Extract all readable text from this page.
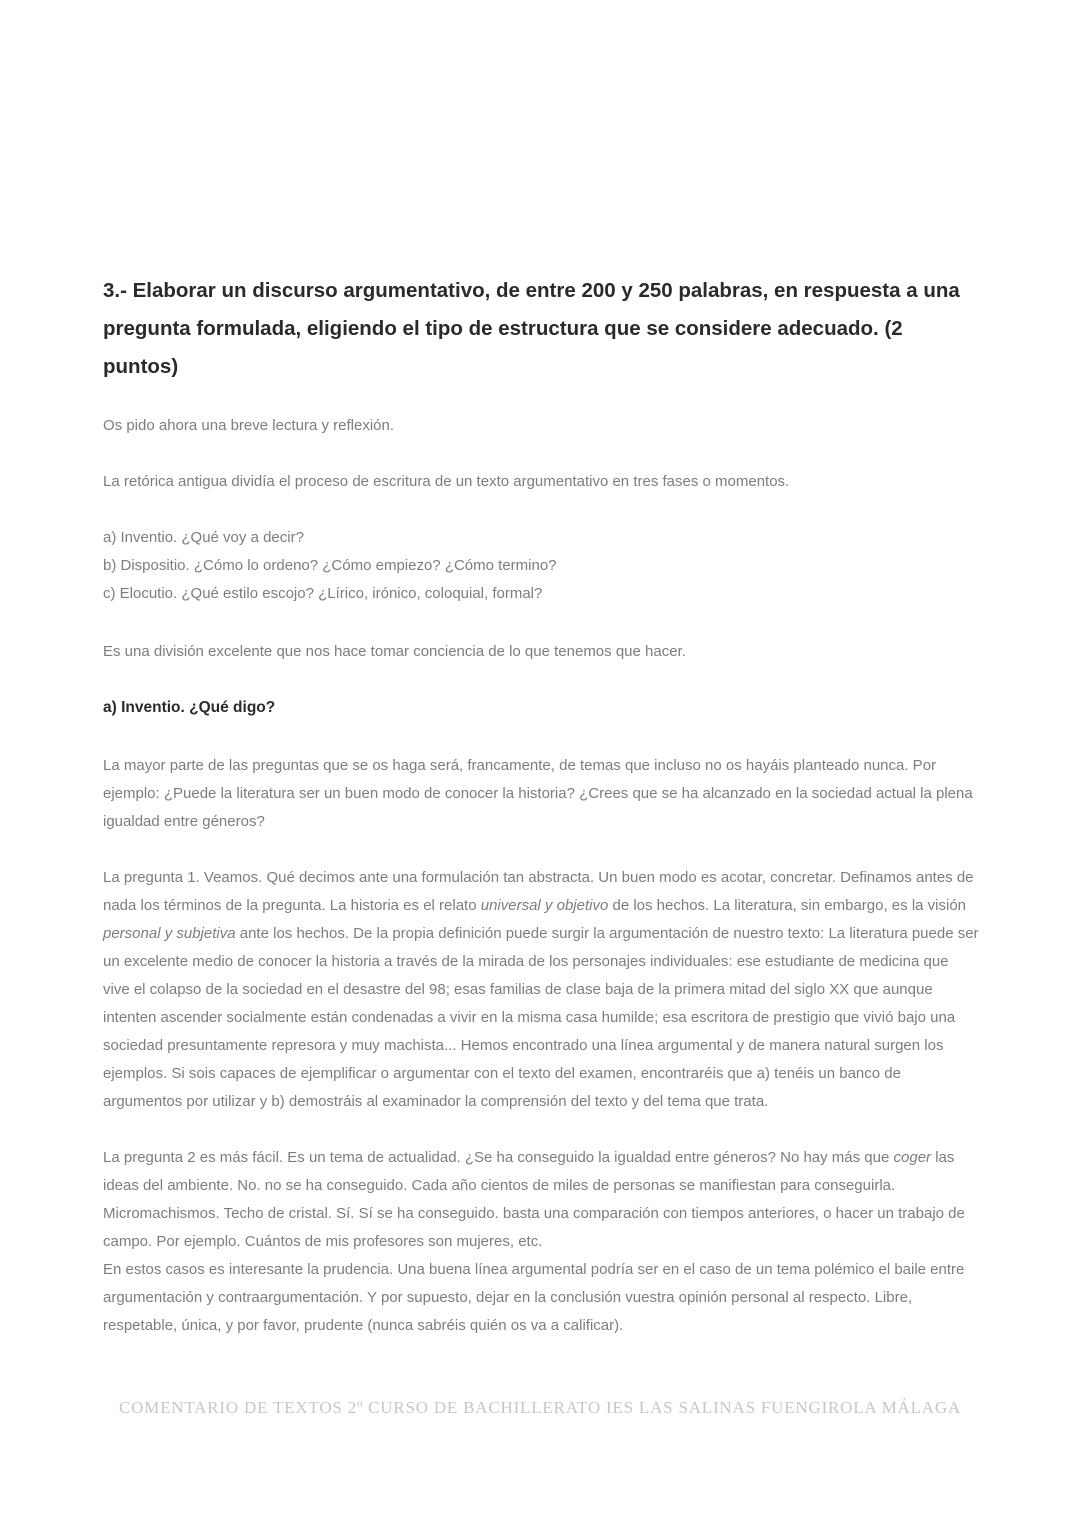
3.- Elaborar un discurso argumentativo, de entre 200 y 250 palabras, en respuesta a una pregunta formulada, eligiendo el tipo de estructura que se considere adecuado. (2 puntos)

Os pido ahora una breve lectura y reflexión.

La retórica antigua dividía el proceso de escritura de un texto argumentativo en tres fases o momentos.

a) Inventio. ¿Qué voy a decir?

b) Dispositio. ¿Cómo lo ordeno? ¿Cómo empiezo? ¿Cómo termino?

c) Elocutio. ¿Qué estilo escojo? ¿Lírico, irónico, coloquial, formal?

Es una división excelente que nos hace tomar conciencia de lo que tenemos que hacer.

a) Inventio. ¿Qué digo?

La mayor parte de las preguntas que se os haga será, francamente, de temas que incluso no os hayáis planteado nunca. Por ejemplo: ¿Puede la literatura ser un buen modo de conocer la historia? ¿Crees que se ha alcanzado en la sociedad actual la plena igualdad entre géneros?

La pregunta 1. Veamos. Qué decimos ante una formulación tan abstracta. Un buen modo es acotar, concretar. Definamos antes de nada los términos de la pregunta. La historia es el relato universal y objetivo de los hechos. La literatura, sin embargo, es la visión personal y subjetiva ante los hechos. De la propia definición puede surgir la argumentación de nuestro texto: La literatura puede ser un excelente medio de conocer la historia a través de la mirada de los personajes individuales: ese estudiante de medicina que vive el colapso de la sociedad en el desastre del 98; esas familias de clase baja de la primera mitad del siglo XX que aunque intenten ascender socialmente están condenadas a vivir en la misma casa humilde; esa escritora de prestigio que vivió bajo una sociedad presuntamente represora y muy machista... Hemos encontrado una línea argumental y de manera natural surgen los ejemplos. Si sois capaces de ejemplificar o argumentar con el texto del examen, encontraréis que a) tenéis un banco de argumentos por utilizar y b) demostráis al examinador la comprensión del texto y del tema que trata.

La pregunta 2 es más fácil. Es un tema de actualidad. ¿Se ha conseguido la igualdad entre géneros? No hay más que coger las ideas del ambiente. No. no se ha conseguido. Cada año cientos de miles de personas se manifiestan para conseguirla. Micromachismos. Techo de cristal. Sí. Sí se ha conseguido. basta una comparación con tiempos anteriores, o hacer un trabajo de campo. Por ejemplo. Cuántos de mis profesores son mujeres, etc.

En estos casos es interesante la prudencia. Una buena línea argumental podría ser en el caso de un tema polémico el baile entre argumentación y contraargumentación. Y por supuesto, dejar en la conclusión vuestra opinión personal al respecto. Libre, respetable, única, y por favor, prudente (nunca sabréis quién os va a calificar).

COMENTARIO DE TEXTOS 2º CURSO DE BACHILLERATO IES LAS SALINAS FUENGIROLA MÁLAGA
